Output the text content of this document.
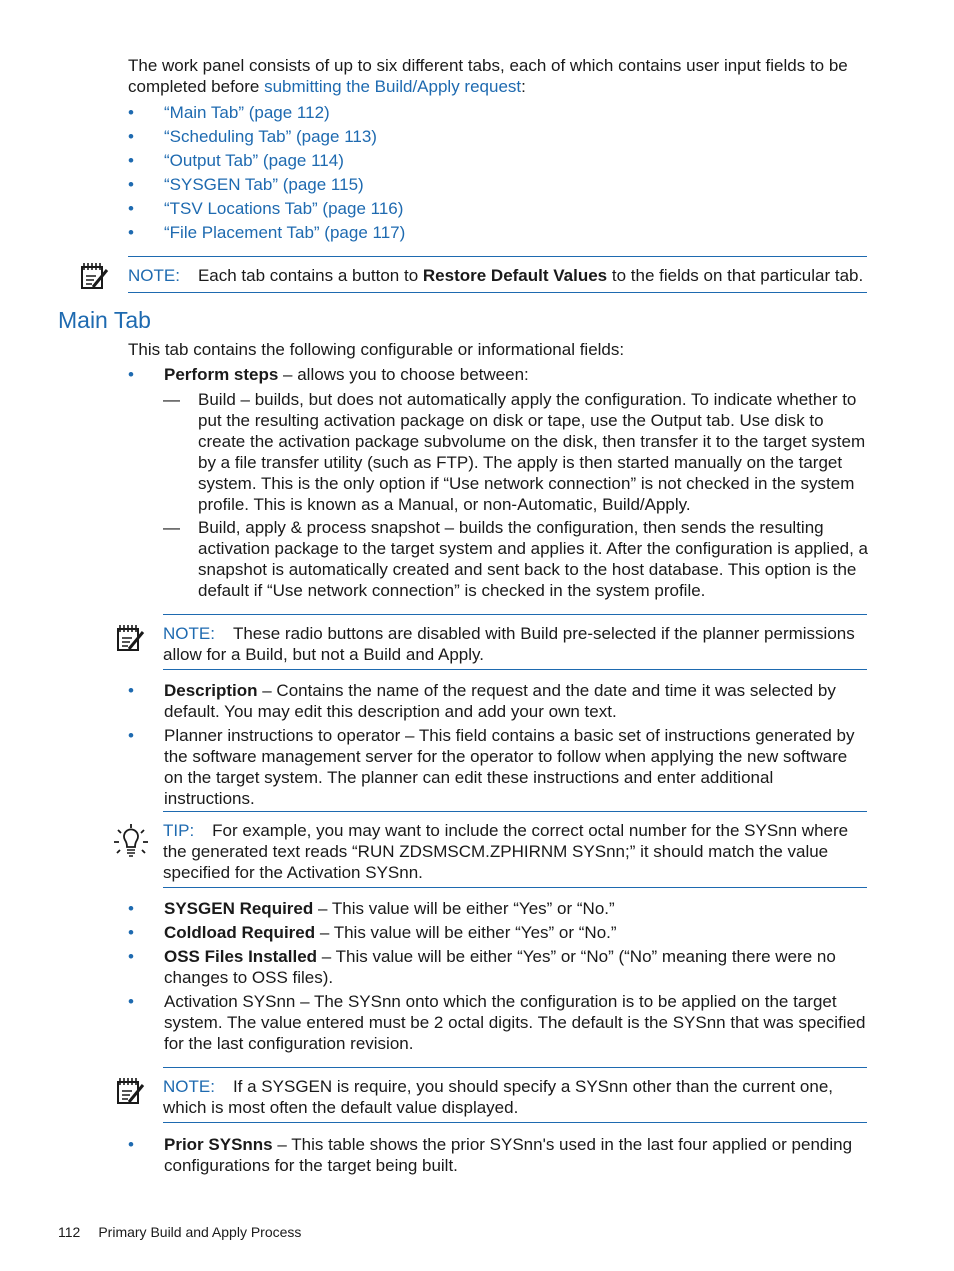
The work panel consists of up to six different tabs, each of which contains user input fields to be completed before submitting the Build/Apply request:

• “Main Tab” (page 112)
• “Scheduling Tab” (page 113)
• “Output Tab” (page 114)
• “SYSGEN Tab” (page 115)
• “TSV Locations Tab” (page 116)
• “File Placement Tab” (page 117)

NOTE: Each tab contains a button to Restore Default Values to the fields on that particular tab.

Main Tab

This tab contains the following configurable or informational fields:

• Perform steps – allows you to choose between:

— Build – builds, but does not automatically apply the configuration. To indicate whether to put the resulting activation package on disk or tape, use the Output tab. Use disk to create the activation package subvolume on the disk, then transfer it to the target system by a file transfer utility (such as FTP). The apply is then started manually on the target system. This is the only option if “Use network connection” is not checked in the system profile. This is known as a Manual, or non-Automatic, Build/Apply.

— Build, apply & process snapshot – builds the configuration, then sends the resulting activation package to the target system and applies it. After the configuration is applied, a snapshot is automatically created and sent back to the host database. This option is the default if “Use network connection” is checked in the system profile.

NOTE: These radio buttons are disabled with Build pre-selected if the planner permissions allow for a Build, but not a Build and Apply.

• Description – Contains the name of the request and the date and time it was selected by default. You may edit this description and add your own text.

• Planner instructions to operator – This field contains a basic set of instructions generated by the software management server for the operator to follow when applying the new software on the target system. The planner can edit these instructions and enter additional instructions.

TIP: For example, you may want to include the correct octal number for the SYSnn where the generated text reads “RUN ZDSMSCM.ZPHIRNM SYSnn;” it should match the value specified for the Activation SYSnn.

• SYSGEN Required – This value will be either “Yes” or “No.”

• Coldload Required – This value will be either “Yes” or “No.”

• OSS Files Installed – This value will be either “Yes” or “No” (“No” meaning there were no changes to OSS files).

• Activation SYSnn – The SYSnn onto which the configuration is to be applied on the target system. The value entered must be 2 octal digits. The default is the SYSnn that was specified for the last configuration revision.

NOTE: If a SYSGEN is require, you should specify a SYSnn other than the current one, which is most often the default value displayed.

• Prior SYSnns – This table shows the prior SYSnn's used in the last four applied or pending configurations for the target being built.

112 Primary Build and Apply Process
